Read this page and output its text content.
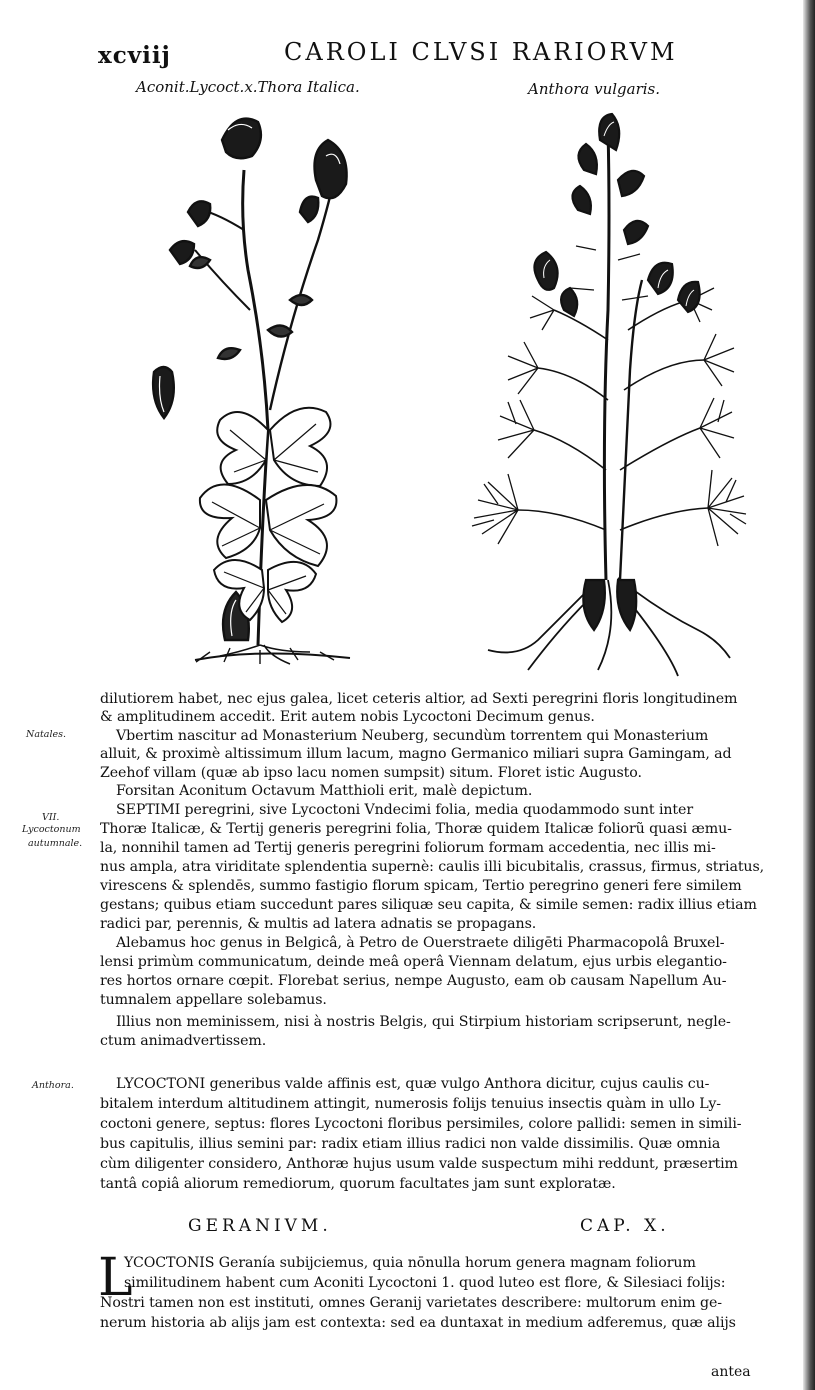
xcviij	CAROLI CLVSI RARIORVM
Aconit.Lycoct.x.Thora Italica.	Anthora vulgaris.
Natales.
VII.
Lycoctonum
autumnale.
Anthora.
dilutiorem habet, nec ejus galea, licet ceteris altior, ad Sexti peregrini floris longitudinem
& amplitudinem accedit. Erit autem nobis Lycoctoni Decimum genus.
Vbertim nascitur ad Monasterium Neuberg, secundùm torrentem qui Monasterium
alluit, & proximè altissimum illum lacum, magno Germanico miliari supra Gamingam, ad
Zeehof villam (quæ ab ipso lacu nomen sumpsit) situm. Floret istic Augusto.
Forsitan Aconitum Octavum Matthioli erit, malè depictum.
SEPTIMI peregrini, sive Lycoctoni Vndecimi folia, media quodammodo sunt inter
Thoræ Italicæ, & Tertij generis peregrini folia, Thoræ quidem Italicæ foliorũ quasi æmu-
la, nonnihil tamen ad Tertij generis peregrini foliorum formam accedentia, nec illis mi-
nus ampla, atra viriditate splendentia supernè: caulis illi bicubitalis, crassus, firmus, striatus,
virescens & splendēs, summo fastigio florum spicam, Tertio peregrino generi fere similem
gestans; quibus etiam succedunt pares siliquæ seu capita, & simile semen: radix illius etiam
radici par, perennis, & multis ad latera adnatis se propagans.
Alebamus hoc genus in Belgicâ, à Petro de Ouerstraete diligēti Pharmacopolâ Bruxel-
lensi primùm communicatum, deinde meâ operâ Viennam delatum, ejus urbis elegantio-
res hortos ornare cœpit. Florebat serius, nempe Augusto, eam ob causam Napellum Au-
tumnalem appellare solebamus.
Illius non meminissem, nisi à nostris Belgis, qui Stirpium historiam scripserunt, negle-
ctum animadvertissem.
LYCOCTONI generibus valde affinis est, quæ vulgo Anthora dicitur, cujus caulis cu-
bitalem interdum altitudinem attingit, numerosis folijs tenuius insectis quàm in ullo Ly-
coctoni genere, septus: flores Lycoctoni floribus persimiles, colore pallidi: semen in simili-
bus capitulis, illius semini par: radix etiam illius radici non valde dissimilis. Quæ omnia
cùm diligenter considero, Anthoræ hujus usum valde suspectum mihi reddunt, præsertim
tantâ copiâ aliorum remediorum, quorum facultates jam sunt exploratæ.
GERANIVM.	CAP. X.
L
YCOCTONIS Geranía subijciemus, quia nōnulla horum genera magnam foliorum
similitudinem habent cum Aconiti Lycoctoni 1. quod luteo est flore, & Silesiaci folijs:
Nostri tamen non est instituti, omnes Geranij varietates describere: multorum enim ge-
nerum historia ab alijs jam est contexta: sed ea duntaxat in medium adferemus, quæ alijs
antea
